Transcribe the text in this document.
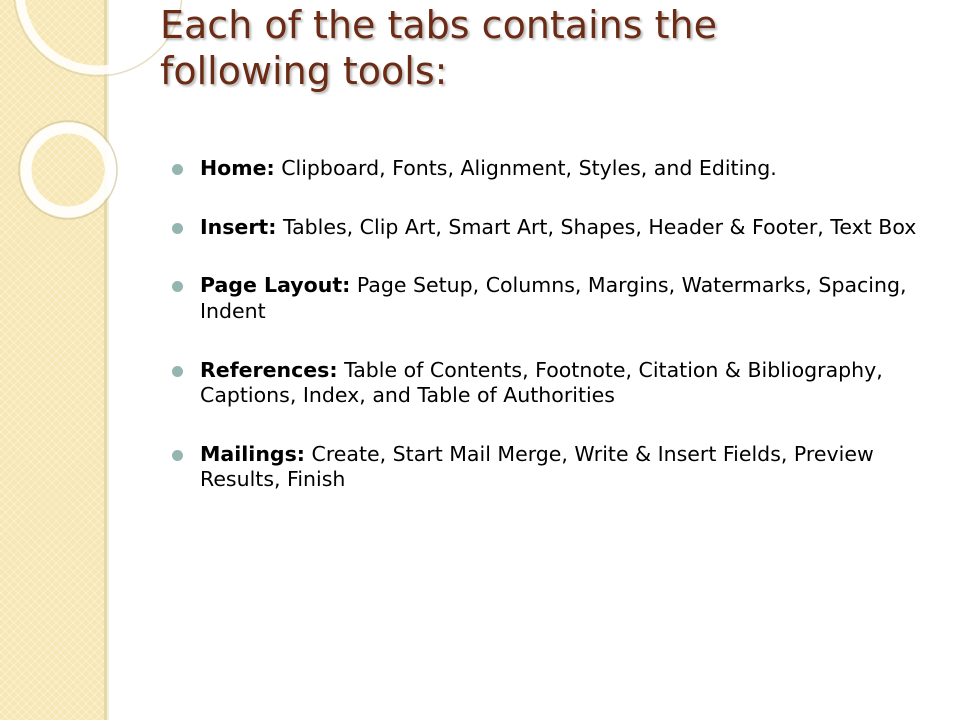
Each of the tabs contains the
following tools:
Home: Clipboard, Fonts, Alignment, Styles, and Editing.
Insert: Tables, Clip Art, Smart Art, Shapes, Header & Footer, Text Box
Page Layout: Page Setup, Columns, Margins, Watermarks, Spacing, Indent
References: Table of Contents, Footnote, Citation & Bibliography, Captions, Index, and Table of Authorities
Mailings: Create, Start Mail Merge, Write & Insert Fields, Preview Results, Finish
